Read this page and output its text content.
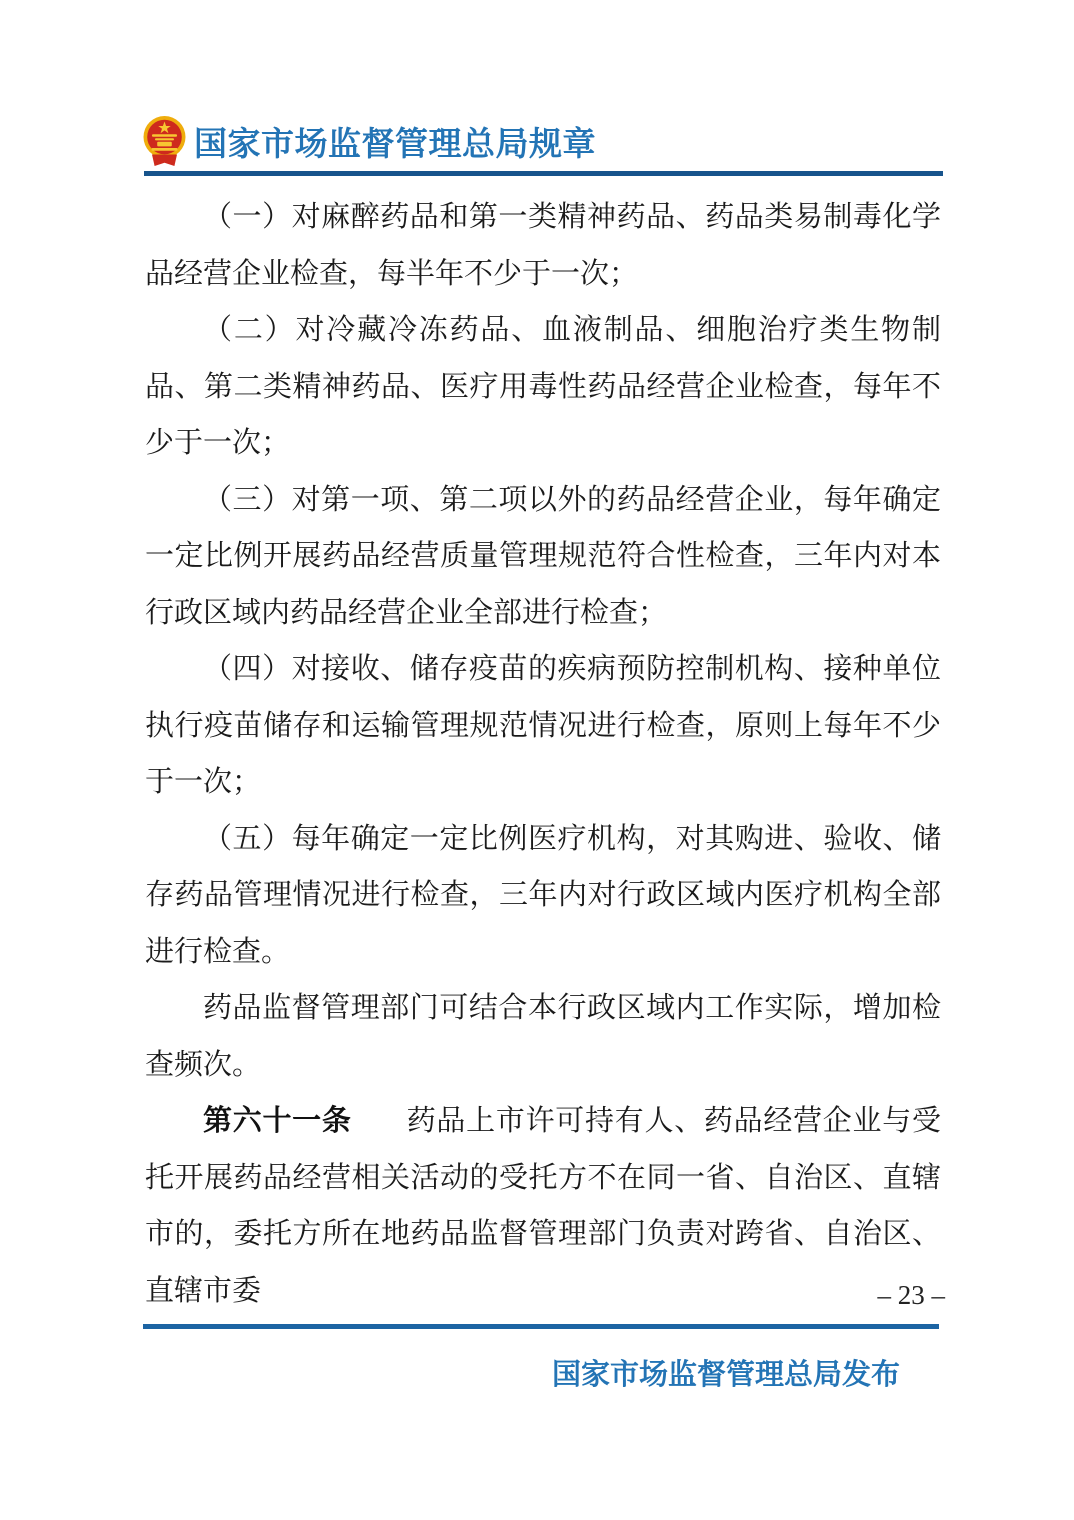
国家市场监督管理总局规章

（一）对麻醉药品和第一类精神药品、药品类易制毒化学品经营企业检查，每半年不少于一次；

（二）对冷藏冷冻药品、血液制品、细胞治疗类生物制品、第二类精神药品、医疗用毒性药品经营企业检查，每年不少于一次；

（三）对第一项、第二项以外的药品经营企业，每年确定一定比例开展药品经营质量管理规范符合性检查，三年内对本行政区域内药品经营企业全部进行检查；

（四）对接收、储存疫苗的疾病预防控制机构、接种单位执行疫苗储存和运输管理规范情况进行检查，原则上每年不少于一次；

（五）每年确定一定比例医疗机构，对其购进、验收、储存药品管理情况进行检查，三年内对行政区域内医疗机构全部进行检查。

药品监督管理部门可结合本行政区域内工作实际，增加检查频次。

第六十一条 药品上市许可持有人、药品经营企业与受托开展药品经营相关活动的受托方不在同一省、自治区、直辖市的，委托方所在地药品监督管理部门负责对跨省、自治区、直辖市委	– 23 –
国家市场监督管理总局发布
